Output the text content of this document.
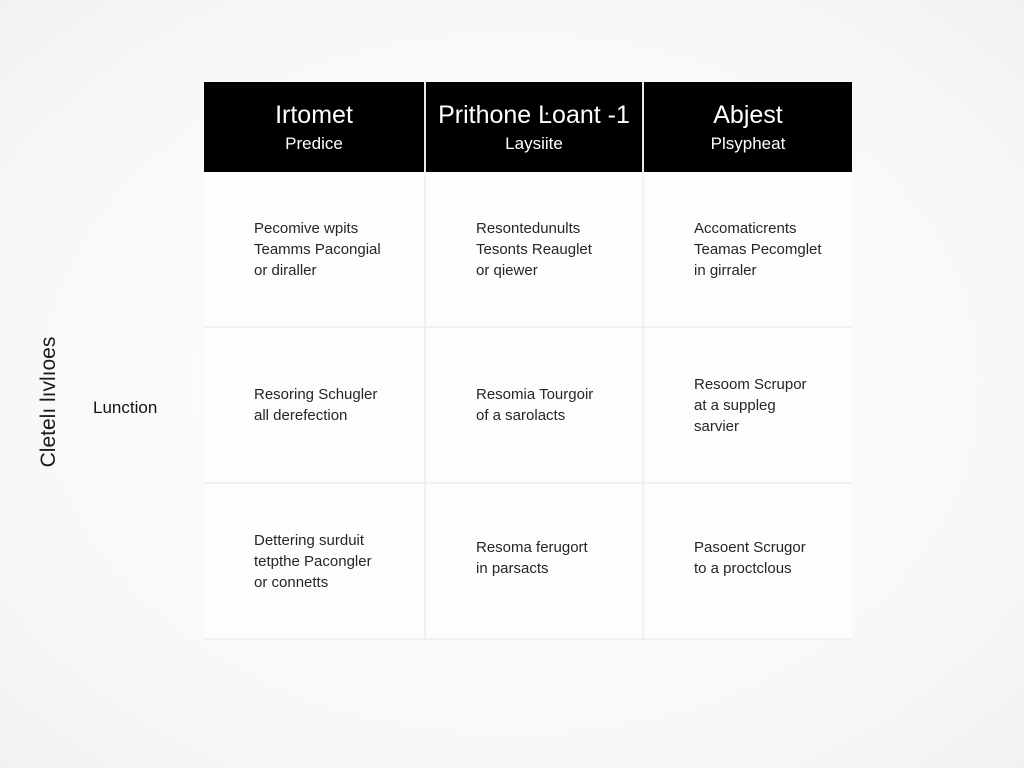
Cletelı lıvlıoes Lunction
Irtomet
Predice
Prithone Ŀoant -1
Laysiite
Abjest
Plsypheat
Pecomive wpits
Teamms Pacongial
or diraller
Resontedunults
Tesonts Reauglet
or qiewer
Accomaticrents
Teamas Pecomglet
in girraler
Resoring Schugler
all derefection
Resomia Tourgoir
of a sarolacts
Resoom Scrupor
at a suppleg
sarvier
Dettering surduit
tetpthe Pacongler
or connetts
Resoma ferugort
in parsacts
Pasoent Scrugor
to a proctclous
